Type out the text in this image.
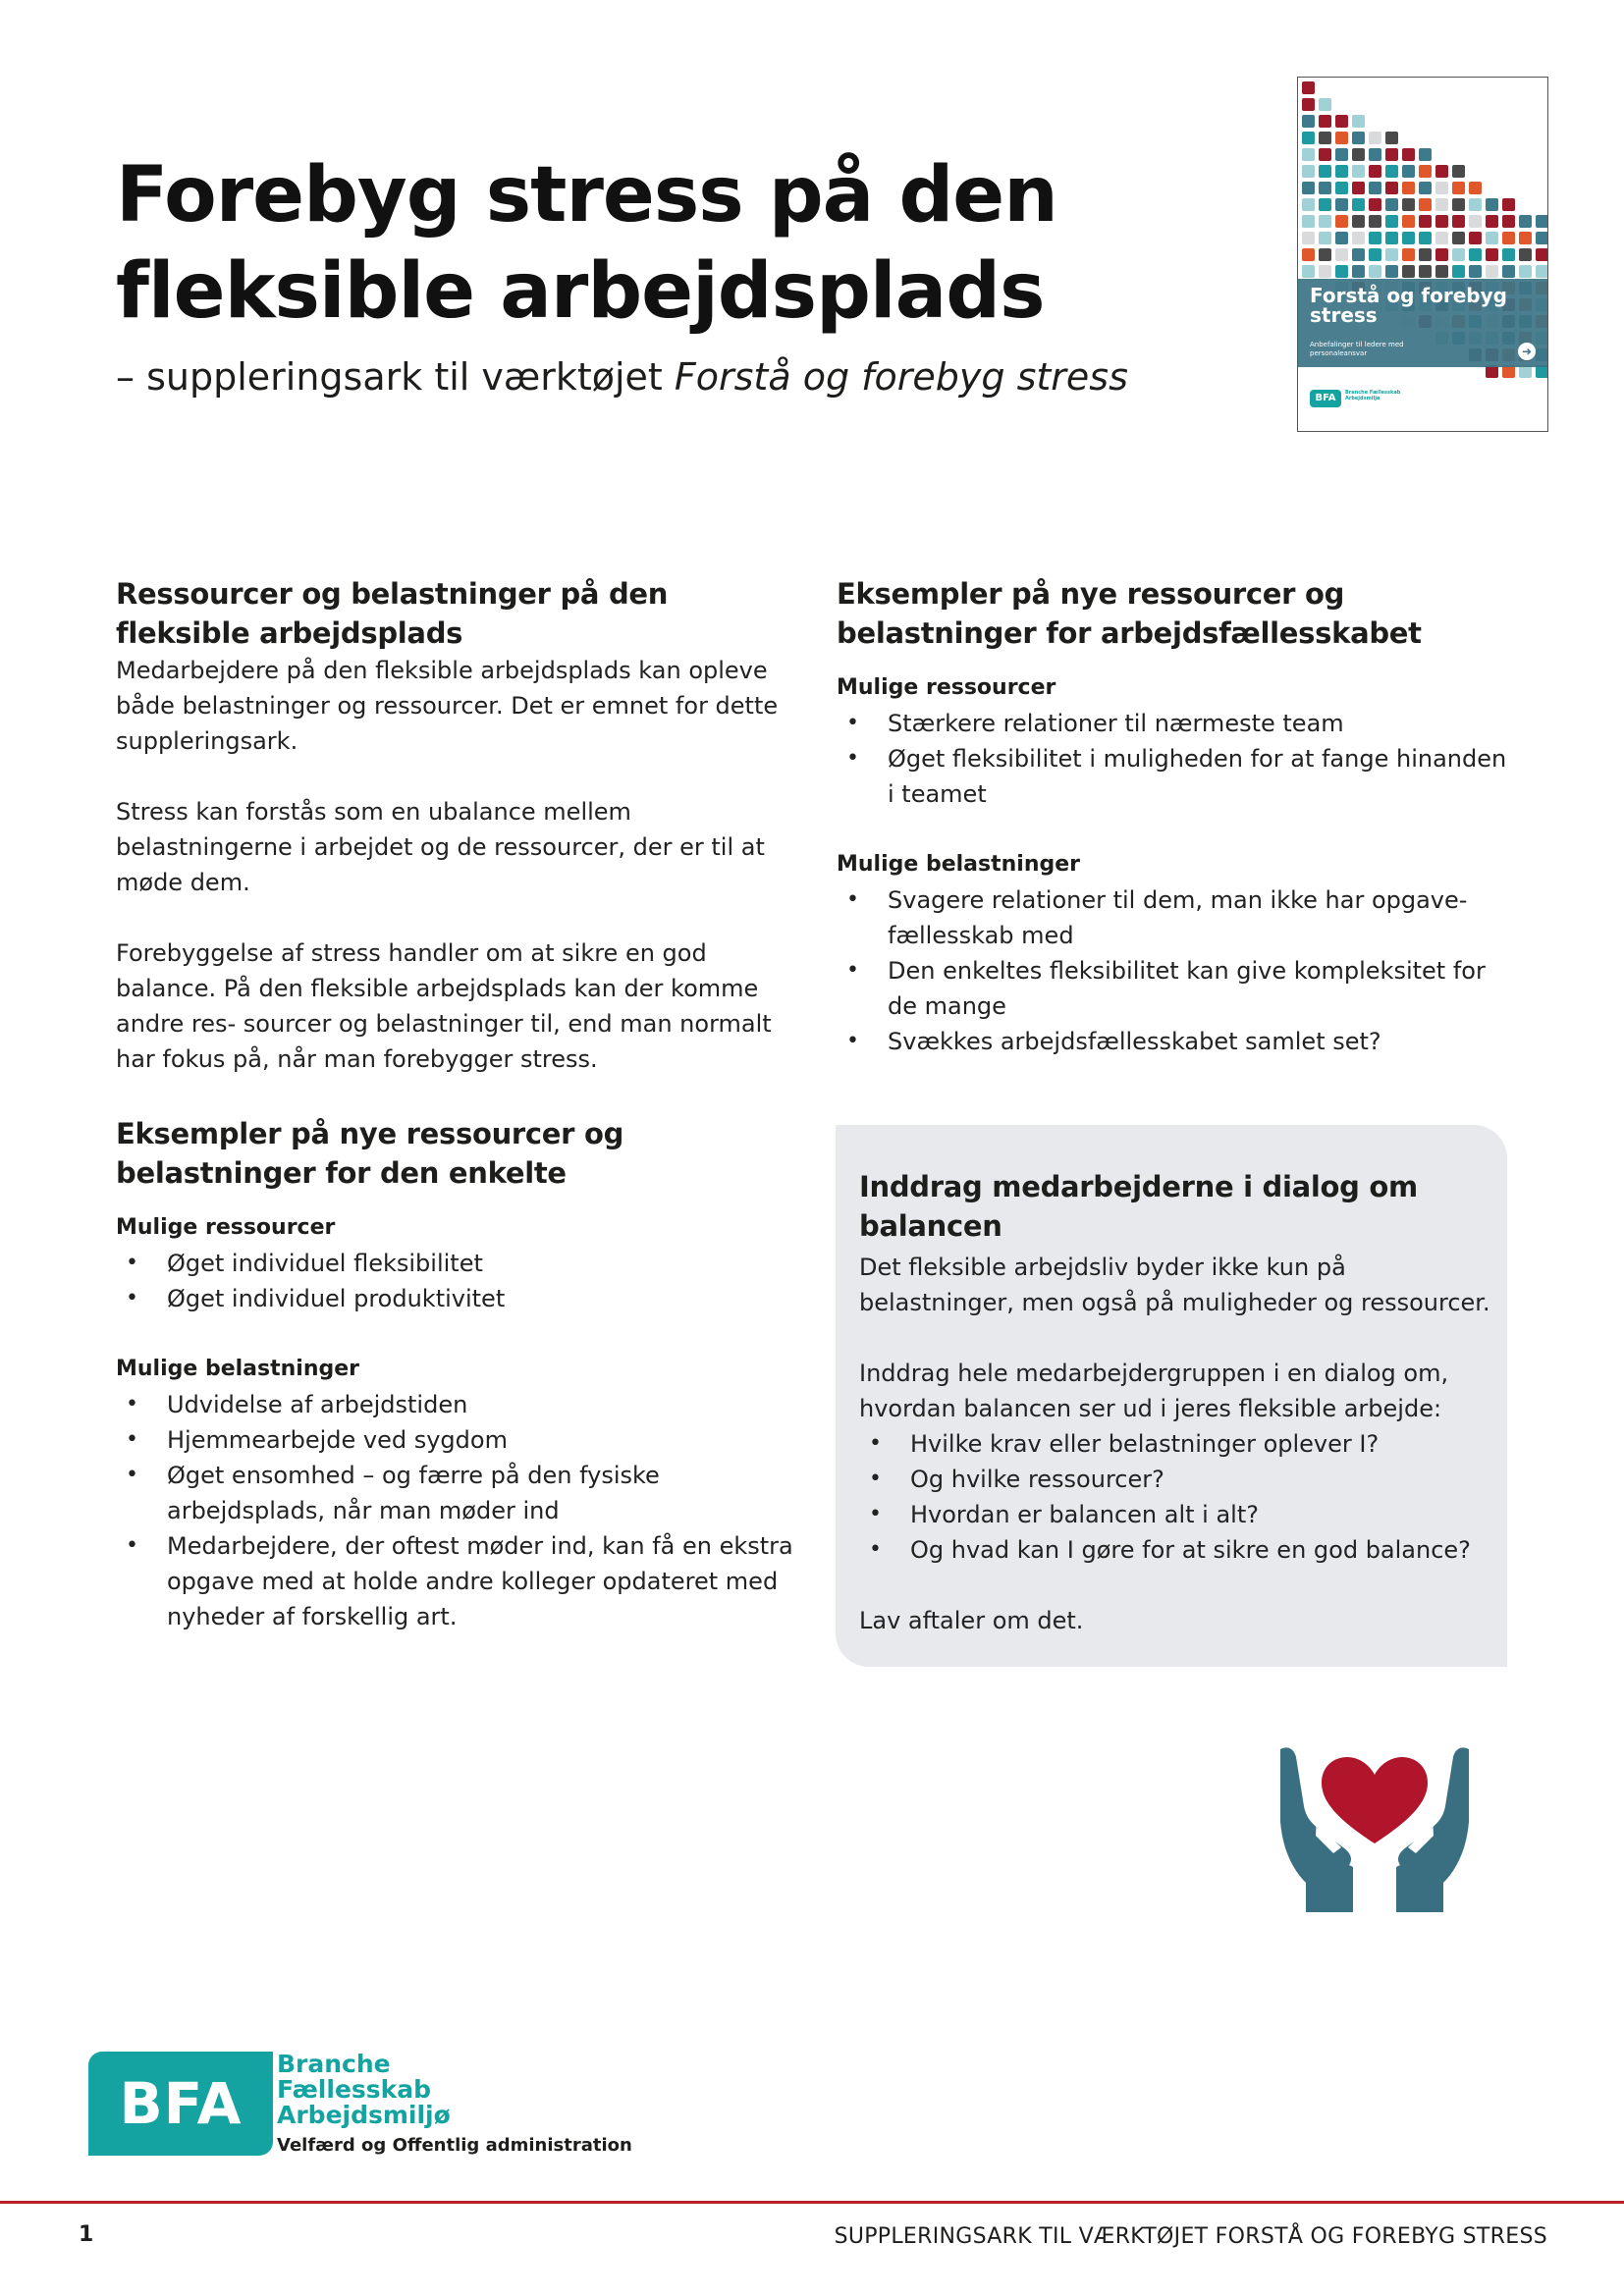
Forebyg stress på den
fleksible arbejdsplads

– suppleringsark til værktøjet Forstå og forebyg stress

Forstå og forebyg stress
Anbefalinger til ledere med personaleansvar	➜
BFA	Branche Fællesskab Arbejdsmiljø
Ressourcer og belastninger på den fleksible arbejdsplads

Medarbejdere på den fleksible arbejdsplads kan opleve både belastninger og ressourcer. Det er emnet for dette suppleringsark.

Stress kan forstås som en ubalance mellem belastningerne i arbejdet og de ressourcer, der er til at møde dem.

Forebyggelse af stress handler om at sikre en god balance. På den fleksible arbejdsplads kan der komme andre res- sourcer og belastninger til, end man normalt har fokus på, når man forebygger stress.

Eksempler på nye ressourcer og belastninger for den enkelte
Mulige ressourcer
• Øget individuel fleksibilitet
• Øget individuel produktivitet
Mulige belastninger
• Udvidelse af arbejdstiden
• Hjemmearbejde ved sygdom
• Øget ensomhed – og færre på den fysiske arbejdsplads, når man møder ind
• Medarbejdere, der oftest møder ind, kan få en ekstra opgave med at holde andre kolleger opdateret med nyheder af forskellig art.
Eksempler på nye ressourcer og belastninger for arbejdsfællesskabet
Mulige ressourcer
• Stærkere relationer til nærmeste team
• Øget fleksibilitet i muligheden for at fange hinanden i teamet
Mulige belastninger
• Svagere relationer til dem, man ikke har opgave- fællesskab med
• Den enkeltes fleksibilitet kan give kompleksitet for de mange
• Svækkes arbejdsfællesskabet samlet set?
Inddrag medarbejderne i dialog om balancen

Det fleksible arbejdsliv byder ikke kun på belastninger, men også på muligheder og ressourcer.

Inddrag hele medarbejdergruppen i en dialog om, hvordan balancen ser ud i jeres fleksible arbejde:

• Hvilke krav eller belastninger oplever I?
• Og hvilke ressourcer?
• Hvordan er balancen alt i alt?
• Og hvad kan I gøre for at sikre en god balance?

Lav aftaler om det.

BFA
Branche
Fællesskab
Arbejdsmiljø
Velfærd og Offentlig administration
1	SUPPLERINGSARK TIL VÆRKTØJET FORSTÅ OG FOREBYG STRESS
